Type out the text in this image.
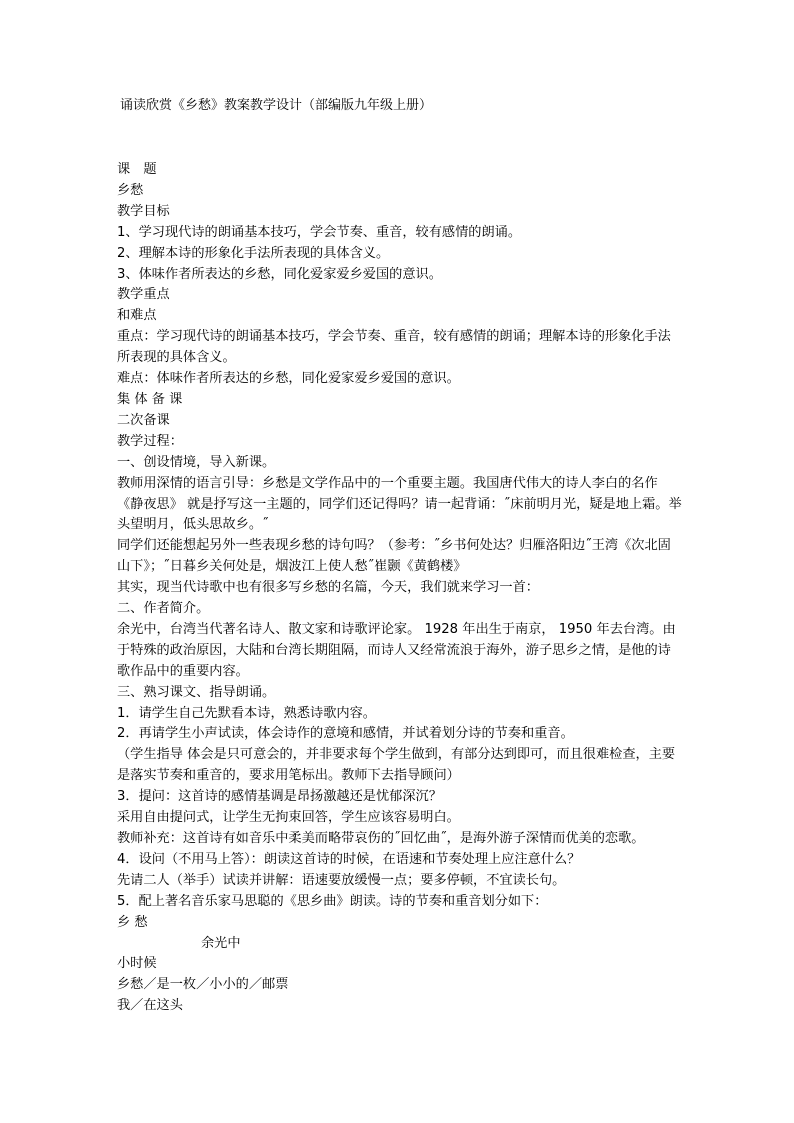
诵读欣赏《乡愁》教案教学设计（部编版九年级上册）
课　题
乡愁
教学目标
1、学习现代诗的朗诵基本技巧，学会节奏、重音，较有感情的朗诵。
2、理解本诗的形象化手法所表现的具体含义。
3、体味作者所表达的乡愁，同化爱家爱乡爱国的意识。
教学重点
和难点
重点：学习现代诗的朗诵基本技巧，学会节奏、重音，较有感情的朗诵；理解本诗的形象化手法所表现的具体含义。
难点：体味作者所表达的乡愁，同化爱家爱乡爱国的意识。
集 体 备 课
二次备课
教学过程：
一、创设情境，导入新课。
教师用深情的语言引导：乡愁是文学作品中的一个重要主题。我国唐代伟大的诗人李白的名作《静夜思》 就是抒写这一主题的，同学们还记得吗？请一起背诵：˝床前明月光，疑是地上霜。举头望明月，低头思故乡。˝
同学们还能想起另外一些表现乡愁的诗句吗？（参考：˝乡书何处达？归雁洛阳边˝王湾《次北固山下》；˝日暮乡关何处是，烟波江上使人愁˝崔颢《黄鹤楼》
其实，现当代诗歌中也有很多写乡愁的名篇，今天，我们就来学习一首：
二、作者简介。
余光中，台湾当代著名诗人、散文家和诗歌评论家。 1928 年出生于南京， 1950 年去台湾。由于特殊的政治原因，大陆和台湾长期阻隔，而诗人又经常流浪于海外，游子思乡之情，是他的诗歌作品中的重要内容。
三、熟习课文、指导朗诵。
1．请学生自己先默看本诗，熟悉诗歌内容。
2．再请学生小声试读，体会诗作的意境和感情，并试着划分诗的节奏和重音。
（学生指导 体会是只可意会的，并非要求每个学生做到，有部分达到即可，而且很难检查，主要是落实节奏和重音的，要求用笔标出。教师下去指导顾问）
3．提问：这首诗的感情基调是昂扬激越还是忧郁深沉？
采用自由提问式，让学生无拘束回答，学生应该容易明白。
教师补充：这首诗有如音乐中柔美而略带哀伤的˝回忆曲˝，是海外游子深情而优美的恋歌。
4．设问（不用马上答）：朗读这首诗的时候，在语速和节奏处理上应注意什么？
先请二人（举手）试读并讲解：语速要放缓慢一点；要多停顿，不宜读长句。
5．配上著名音乐家马思聪的《思乡曲》朗读。诗的节奏和重音划分如下：
乡 愁
余光中
小时候
乡愁／是一枚／小小的／邮票
我／在这头
